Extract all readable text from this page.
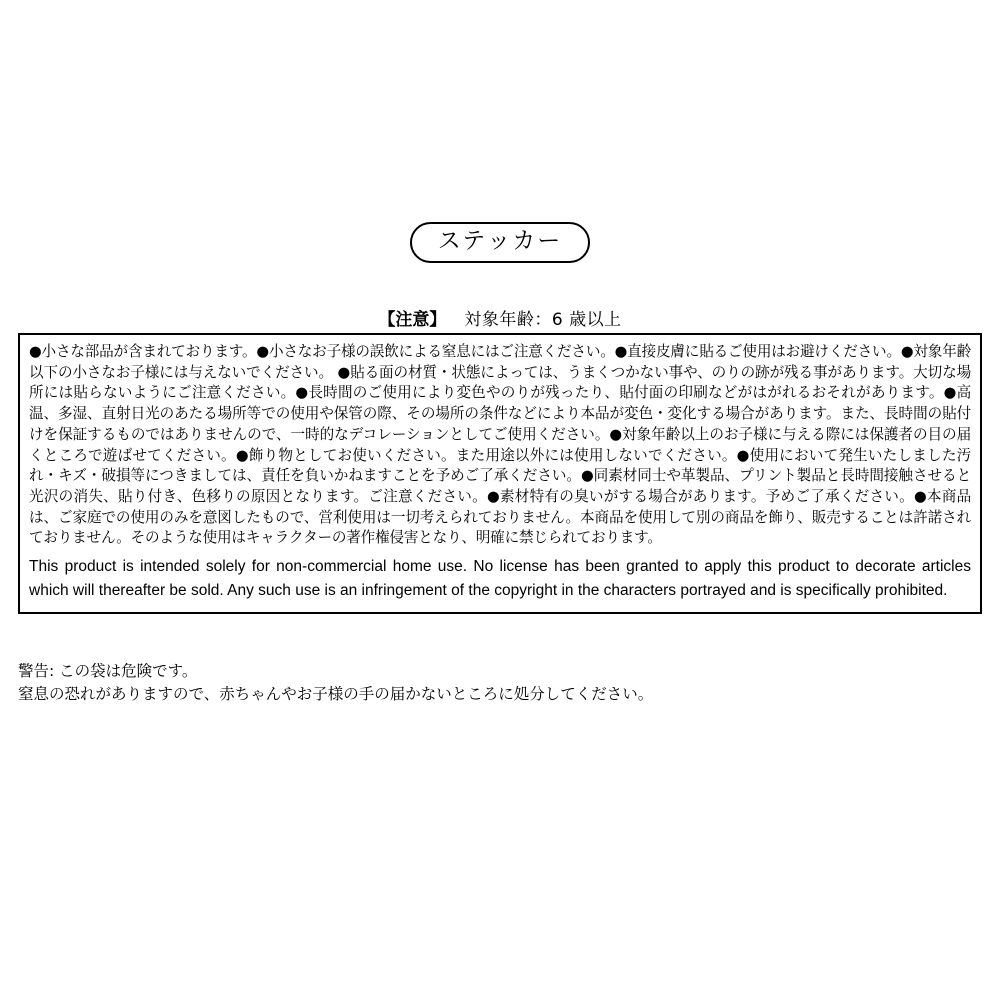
ステッカー
【注意】 対象年齢：6 歳以上
●小さな部品が含まれております。●小さなお子様の誤飲による窒息にはご注意ください。●直接皮膚に貼るご使用はお避けください。●対象年齢以下の小さなお子様には与えないでください。 ●貼る面の材質・状態によっては、うまくつかない事や、のりの跡が残る事があります。大切な場所には貼らないようにご注意ください。●長時間のご使用により変色やのりが残ったり、貼付面の印刷などがはがれるおそれがあります。●高温、多湿、直射日光のあたる場所等での使用や保管の際、その場所の条件などにより本品が変色・変化する場合があります。また、長時間の貼付けを保証するものではありませんので、一時的なデコレーションとしてご使用ください。●対象年齢以上のお子様に与える際には保護者の目の届くところで遊ばせてください。●飾り物としてお使いください。また用途以外には使用しないでください。●使用において発生いたしました汚れ・キズ・破損等につきましては、責任を負いかねますことを予めご了承ください。●同素材同士や革製品、プリント製品と長時間接触させると光沢の消失、貼り付き、色移りの原因となります。ご注意ください。●素材特有の臭いがする場合があります。予めご了承ください。●本商品は、ご家庭での使用のみを意図したもので、営利使用は一切考えられておりません。本商品を使用して別の商品を飾り、販売することは許諾されておりません。そのような使用はキャラクターの著作権侵害となり、明確に禁じられております。
This product is intended solely for non-commercial home use. No license has been granted to apply this product to decorate articles which will thereafter be sold. Any such use is an infringement of the copyright in the characters portrayed and is specifically prohibited.
警告: この袋は危険です。
窒息の恐れがありますので、赤ちゃんやお子様の手の届かないところに処分してください。
